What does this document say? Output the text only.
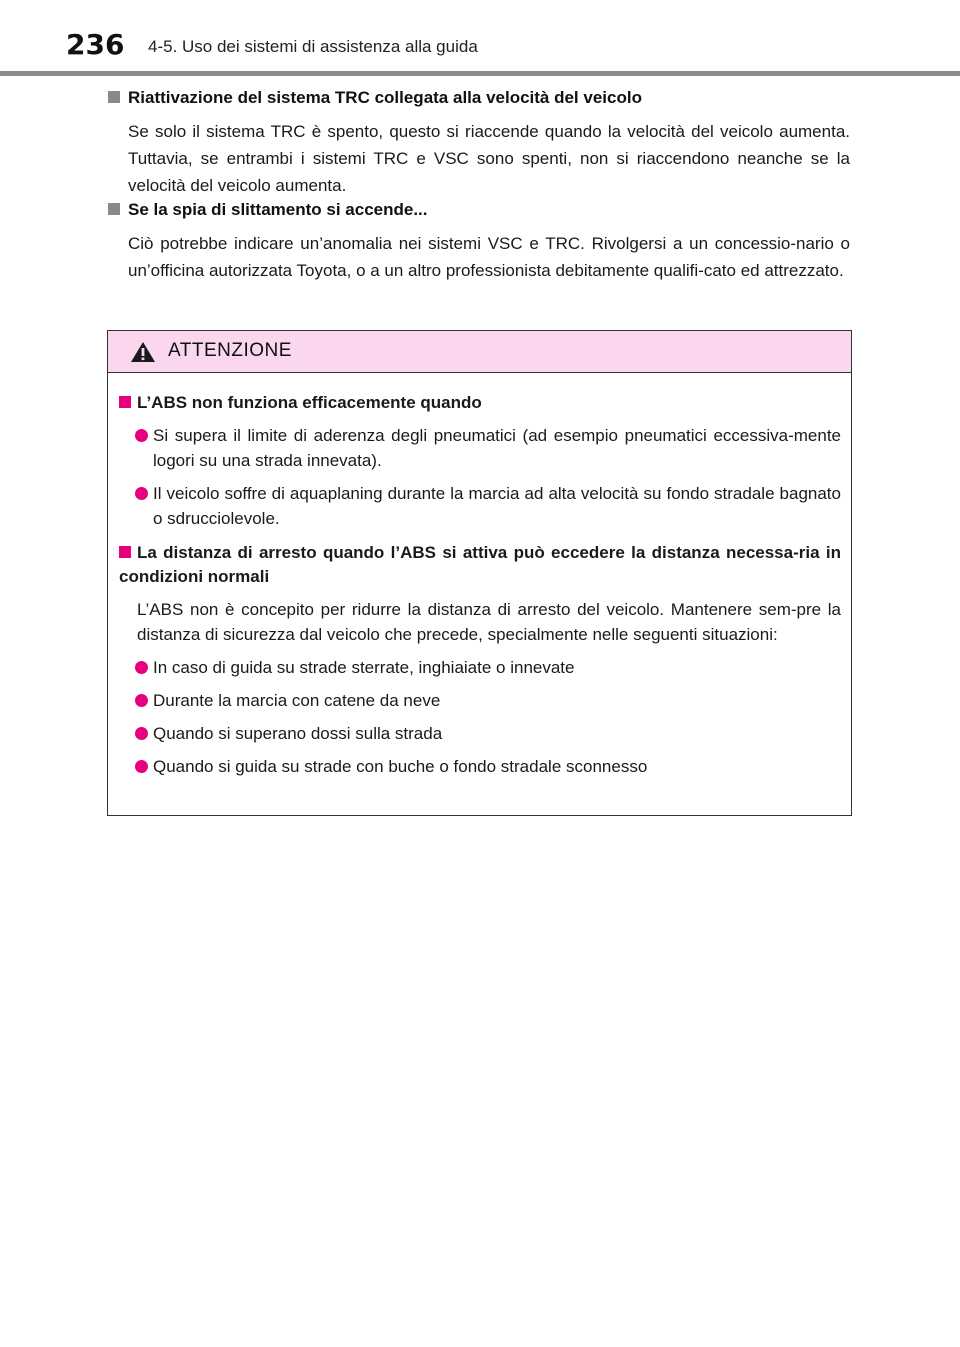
236 4-5. Uso dei sistemi di assistenza alla guida
Riattivazione del sistema TRC collegata alla velocità del veicolo
Se solo il sistema TRC è spento, questo si riaccende quando la velocità del veicolo aumenta. Tuttavia, se entrambi i sistemi TRC e VSC sono spenti, non si riaccendono neanche se la velocità del veicolo aumenta.
Se la spia di slittamento si accende...
Ciò potrebbe indicare un’anomalia nei sistemi VSC e TRC. Rivolgersi a un concessio-nario o un’officina autorizzata Toyota, o a un altro professionista debitamente qualifi-cato ed attrezzato.
ATTENZIONE
L’ABS non funziona efficacemente quando
Si supera il limite di aderenza degli pneumatici (ad esempio pneumatici eccessiva-mente logori su una strada innevata).
Il veicolo soffre di aquaplaning durante la marcia ad alta velocità su fondo stradale bagnato o sdrucciolevole.
La distanza di arresto quando l’ABS si attiva può eccedere la distanza necessa-ria in condizioni normali
L’ABS non è concepito per ridurre la distanza di arresto del veicolo. Mantenere sem-pre la distanza di sicurezza dal veicolo che precede, specialmente nelle seguenti situazioni:
In caso di guida su strade sterrate, inghiaiate o innevate
Durante la marcia con catene da neve
Quando si superano dossi sulla strada
Quando si guida su strade con buche o fondo stradale sconnesso
